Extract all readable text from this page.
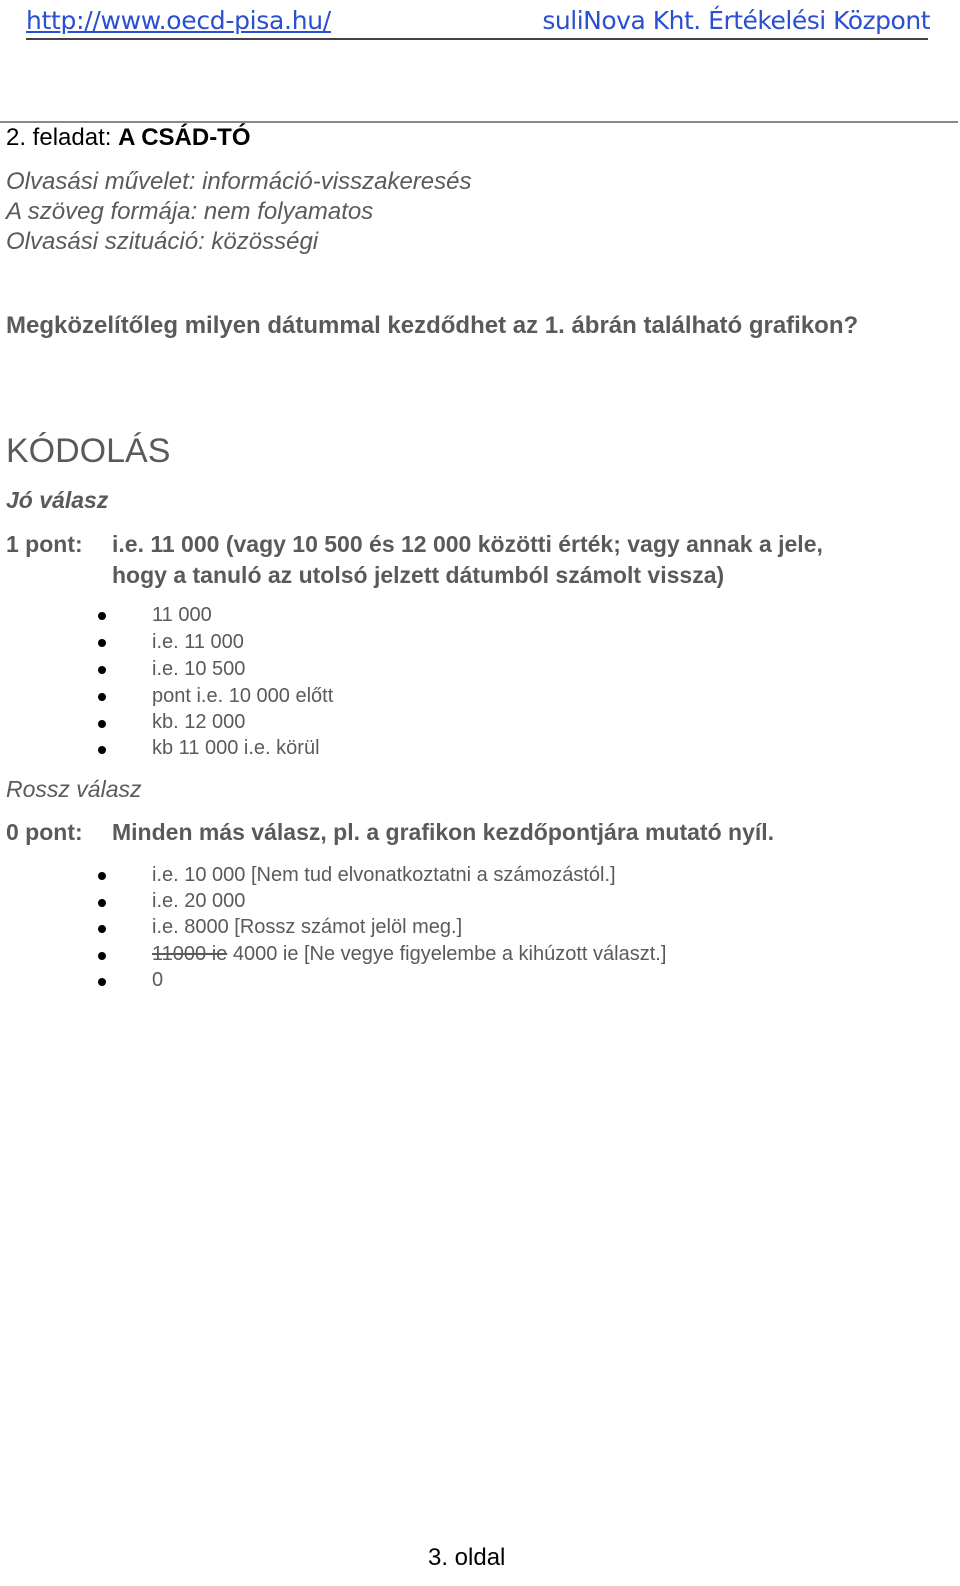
http://www.oecd-pisa.hu/	suliNova Kht. Értékelési Központ
2. feladat: A CSÁD-TÓ
Olvasási művelet: információ-visszakeresés
A szöveg formája: nem folyamatos
Olvasási szituáció: közösségi
Megközelítőleg milyen dátummal kezdődhet az 1. ábrán található grafikon?
KÓDOLÁS
Jó válasz
1 pont: i.e. 11 000 (vagy 10 500 és 12 000 közötti érték; vagy annak a jele,
hogy a tanuló az utolsó jelzett dátumból számolt vissza)
11 000
i.e. 11 000
i.e. 10 500
pont i.e. 10 000 előtt
kb. 12 000
kb 11 000 i.e. körül
Rossz válasz
0 pont: Minden más válasz, pl. a grafikon kezdőpontjára mutató nyíl.
i.e. 10 000 [Nem tud elvonatkoztatni a számozástól.]
i.e. 20 000
i.e. 8000 [Rossz számot jelöl meg.]
11000 ie 4000 ie [Ne vegye figyelembe a kihúzott választ.]
0
3. oldal
